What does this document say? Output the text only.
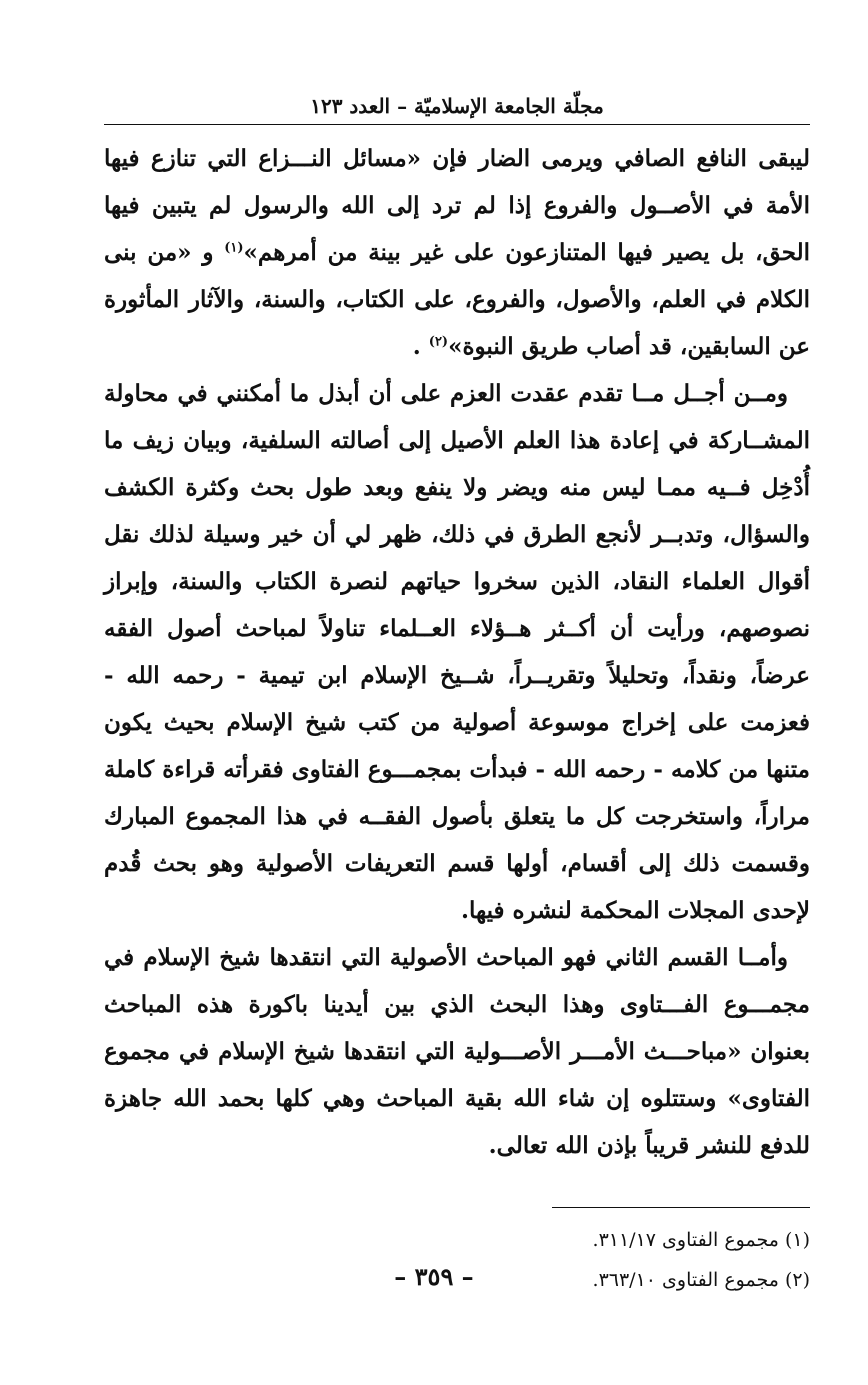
مجلّة الجامعة الإسلاميّة – العدد ١٢٣

ليبقى النافع الصافي ويرمى الضار فإن «مسائل النـــزاع التي تنازع فيها الأمة في الأصــول والفروع إذا لم ترد إلى الله والرسول لم يتبين فيها الحق، بل يصير فيها المتنازعون على غير بينة من أمرهم»$^{(١)}$ و «من بنى الكلام في العلم، والأصول، والفروع، على الكتاب، والسنة، والآثار المأثورة عن السابقين، قد أصاب طريق النبوة»$^{(٢)}$ .

ومــن أجــل مــا تقدم عقدت العزم على أن أبذل ما أمكنني في محاولة المشــاركة في إعادة هذا العلم الأصيل إلى أصالته السلفية، وبيان زيف ما أُدْخِل فــيه ممـا ليس منه ويضر ولا ينفع وبعد طول بحث وكثرة الكشف والسؤال، وتدبــر لأنجع الطرق في ذلك، ظهر لي أن خير وسيلة لذلك نقل أقوال العلماء النقاد، الذين سخروا حياتهم لنصرة الكتاب والسنة، وإبراز نصوصهم، ورأيت أن أكــثر هــؤلاء العــلماء تناولاً لمباحث أصول الفقه عرضاً، ونقداً، وتحليلاً وتقريــراً، شــيخ الإسلام ابن تيمية - رحمه الله - فعزمت على إخراج موسوعة أصولية من كتب شيخ الإسلام بحيث يكون متنها من كلامه - رحمه الله - فبدأت بمجمـــوع الفتاوى فقرأته قراءة كاملة مراراً، واستخرجت كل ما يتعلق بأصول الفقــه في هذا المجموع المبارك وقسمت ذلك إلى أقسام، أولها قسم التعريفات الأصولية وهو بحث قُدم لإحدى المجلات المحكمة لنشره فيها.

وأمــا القسم الثاني فهو المباحث الأصولية التي انتقدها شيخ الإسلام في مجمـــوع الفـــتاوى وهذا البحث الذي بين أيدينا باكورة هذه المباحث بعنوان «مباحـــث الأمـــر الأصـــولية التي انتقدها شيخ الإسلام في مجموع الفتاوى» وستتلوه إن شاء الله بقية المباحث وهي كلها بحمد الله جاهزة للدفع للنشر قريباً بإذن الله تعالى.

(١) مجموع الفتاوى ٣١١/١٧.

(٢) مجموع الفتاوى ٣٦٣/١٠.

– ٣٥٩ –
